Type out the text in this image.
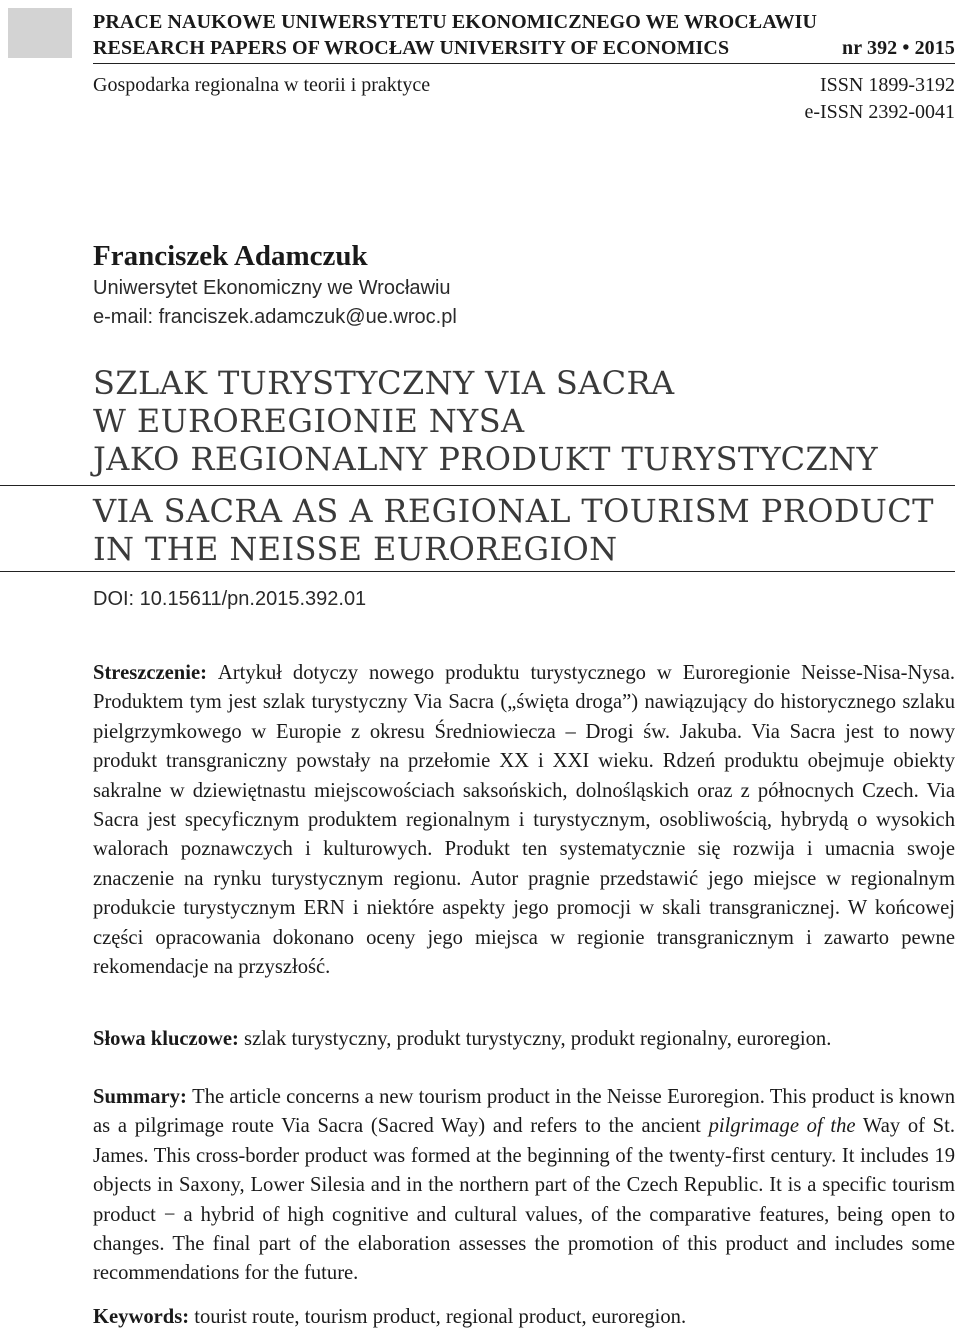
PRACE NAUKOWE UNIWERSYTETU EKONOMICZNEGO WE WROCŁAWIU
RESEARCH PAPERS OF WROCŁAW UNIVERSITY OF ECONOMICS	nr 392 • 2015
Gospodarka regionalna w teorii i praktyce	ISSN 1899-3192
e-ISSN 2392-0041
Franciszek Adamczuk
Uniwersytet Ekonomiczny we Wrocławiu
e-mail: franciszek.adamczuk@ue.wroc.pl
SZLAK TURYSTYCZNY VIA SACRA
W EUROREGIONIE NYSA
JAKO REGIONALNY PRODUKT TURYSTYCZNY
VIA SACRA AS A REGIONAL TOURISM PRODUCT
IN THE NEISSE EUROREGION
DOI: 10.15611/pn.2015.392.01
Streszczenie: Artykuł dotyczy nowego produktu turystycznego w Euroregionie Neisse-Nisa-Nysa. Produktem tym jest szlak turystyczny Via Sacra („święta droga”) nawiązujący do historycznego szlaku pielgrzymkowego w Europie z okresu Średniowiecza – Drogi św. Jakuba. Via Sacra jest to nowy produkt transgraniczny powstały na przełomie XX i XXI wieku. Rdzeń produktu obejmuje obiekty sakralne w dziewiętnastu miejscowościach saksońskich, dolnośląskich oraz z północnych Czech. Via Sacra jest specyficznym produktem regionalnym i turystycznym, osobliwością, hybrydą o wysokich walorach poznawczych i kulturowych. Produkt ten systematycznie się rozwija i umacnia swoje znaczenie na rynku turystycznym regionu. Autor pragnie przedstawić jego miejsce w regionalnym produkcie turystycznym ERN i niektóre aspekty jego promocji w skali transgranicznej. W końcowej części opracowania dokonano oceny jego miejsca w regionie transgranicznym i zawarto pewne rekomendacje na przyszłość.
Słowa kluczowe: szlak turystyczny, produkt turystyczny, produkt regionalny, euroregion.
Summary: The article concerns a new tourism product in the Neisse Euroregion. This product is known as a pilgrimage route Via Sacra (Sacred Way) and refers to the ancient pilgrimage of the Way of St. James. This cross-border product was formed at the beginning of the twenty-first century. It includes 19 objects in Saxony, Lower Silesia and in the northern part of the Czech Republic. It is a specific tourism product − a hybrid of high cognitive and cultural values, of the comparative features, being open to changes. The final part of the elaboration assesses the promotion of this product and includes some recommendations for the future.
Keywords: tourist route, tourism product, regional product, euroregion.
